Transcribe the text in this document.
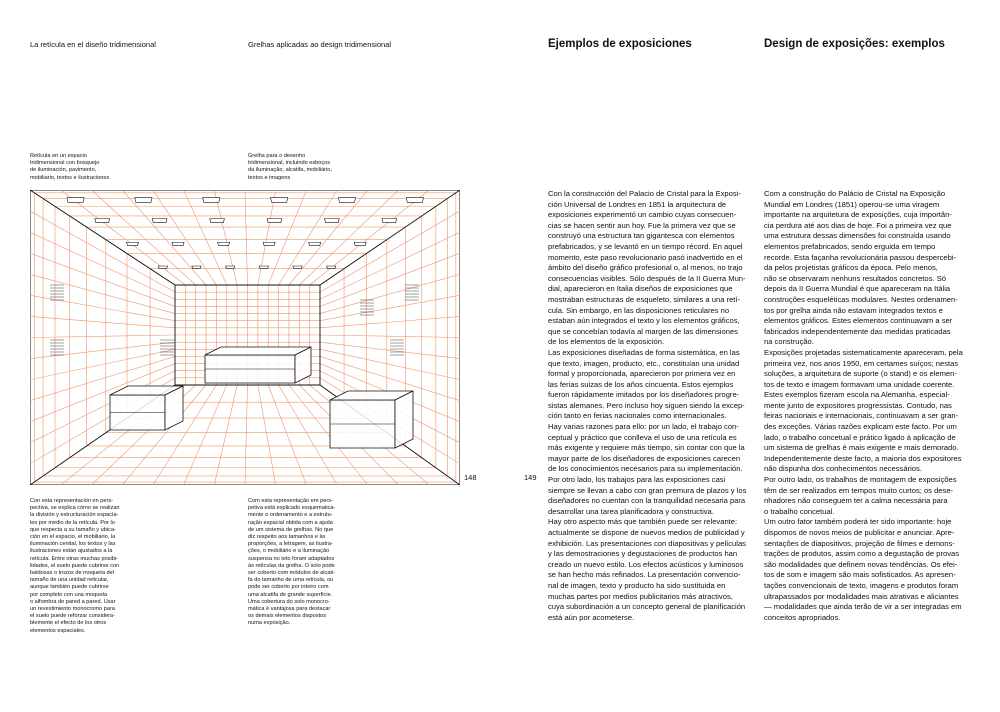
La retícula en el diseño tridimensional	Grelhas aplicadas ao design tridimensional
Retícula en un espacio
tridimensional con bosquejo
de iluminación, pavimento,
mobiliario, textos e ilustraciones
Grelha para o desenho
tridimensional, incluindo esboços
da iluminação, alcatifa, mobiliário,
textos e imagens
148
Con esta representación en pers-
pectiva, se explica cómo se realizan
la división y estructuración espacia-
les por medio de la retícula. Por lo
que respecta a su tamaño y ubica-
ción en el espacio, el mobiliario, la
iluminación cenital, los textos y las
ilustraciones están ajustados a la
retícula. Entre otras muchas posibi-
lidades, el suelo puede cubrirse con
baldosas o trozos de moqueta del
tamaño de una unidad reticular,
aunque también puede cubrirse
por completo con una moqueta
o alfombra de pared a pared. Usar
un revestimiento monocromo para
el suelo puede reforzar considera-
blemente el efecto de los otros
elementos espaciales.
Com esta representação em pers-
petiva está explicado esquematica-
mente o ordenamento e a estrutu-
ração espacial obtida com a ajuda
de um sistema de grelhas. No que
diz respeito aos tamanhos e às
proporções, a letragem, as ilustra-
ções, o mobiliário e a iluminação
suspensa no teto foram adaptados
às retículas da grelha. O solo pode
ser coberto com módulos de alcati-
fa do tamanho de uma retícula, ou
pode ser coberto por inteiro com
uma alcatifa de grande superfície.
Uma cobertura do solo monocro-
mática é vantajosa para destacar
os demais elementos dispostos
numa exposição.
Ejemplos de exposiciones	Design de exposições: exemplos
149
Con la construcción del Palacio de Cristal para la Exposi-
ción Universal de Londres en 1851 la arquitectura de
exposiciones experimentó un cambio cuyas consecuen-
cias se hacen sentir aun hoy. Fue la primera vez que se
construyó una estructura tan gigantesca con elementos
prefabricados, y se levantó en un tiempo récord. En aquel
momento, este paso revolucionario pasó inadvertido en el
ámbito del diseño gráfico profesional o, al menos, no trajo
consecuencias visibles. Sólo después de la II Guerra Mun-
dial, aparecieron en Italia diseños de exposiciones que
mostraban estructuras de esqueleto, similares a una retí-
cula. Sin embargo, en las disposiciones reticulares no
estaban aún integrados el texto y los elementos gráficos,
que se concebían todavía al margen de las dimensiones
de los elementos de la exposición.
Las exposiciones diseñadas de forma sistemática, en las
que texto, imagen, producto, etc., constituían una unidad
formal y proporcionada, aparecieron por primera vez en
las ferias suizas de los años cincuenta. Estos ejemplos
fueron rápidamente imitados por los diseñadores progre-
sistas alemanes. Pero incluso hoy siguen siendo la excep-
ción tanto en ferias nacionales como internacionales.
Hay varias razones para ello: por un lado, el trabajo con-
ceptual y práctico que conlleva el uso de una retícula es
más exigente y requiere más tiempo, sin contar con que la
mayor parte de los diseñadores de exposiciones carecen
de los conocimientos necesarios para su implementación.
Por otro lado, los trabajos para las exposiciones casi
siempre se llevan a cabo con gran premura de plazos y los
diseñadores no cuentan con la tranquilidad necesaria para
desarrollar una tarea planificadora y constructiva.
Hay otro aspecto más que también puede ser relevante:
actualmente se dispone de nuevos medios de publicidad y
exhibición. Las presentaciones con diapositivas y películas
y las demostraciones y degustaciones de productos han
creado un nuevo estilo. Los efectos acústicos y luminosos
se han hecho más refinados. La presentación convencio-
nal de imagen, texto y producto ha sido sustituida en
muchas partes por medios publicitarios más atractivos,
cuya subordinación a un concepto general de planificación
está aún por acometerse.
Com a construção do Palácio de Cristal na Exposição
Mundial em Londres (1851) operou-se uma viragem
importante na arquitetura de exposições, cuja importân-
cia perdura até aos dias de hoje. Foi a primeira vez que
uma estrutura dessas dimensões foi construída usando
elementos prefabricados, sendo erguida em tempo
recorde. Esta façanha revolucionária passou despercebi-
da pelos projetistas gráficos da época. Pelo menos,
não se observaram nenhuns resultados concretos. Só
depois da II Guerra Mundial é que apareceram na Itália
construções esqueléticas modulares. Nestes ordenamen-
tos por grelha ainda não estavam integrados textos e
elementos gráficos. Estes elementos continuavam a ser
fabricados independentemente das medidas praticadas
na construção.
Exposições projetadas sistematicamente apareceram, pela
primeira vez, nos anos 1950, em certames suíços; nestas
soluções, a arquitetura de suporte (o stand) e os elemen-
tos de texto e imagem formavam uma unidade coerente.
Estes exemplos fizeram escola na Alemanha, especial-
mente junto de expositores progressistas. Contudo, nas
feiras nacionais e internacionais, continuavam a ser gran-
des exceções. Várias razões explicam este facto. Por um
lado, o trabalho concetual e prático ligado à aplicação de
um sistema de grelhas é mais exigente e mais demorado.
Independentemente deste facto, a maioria dos expositores
não dispunha dos conhecimentos necessários.
Por outro lado, os trabalhos de montagem de exposições
têm de ser realizados em tempos muito curtos; os dese-
nhadores não conseguem ter a calma necessária para
o trabalho concetual.
Um outro fator também poderá ter sido importante: hoje
dispomos de novos meios de publicitar e anunciar. Apre-
sentações de diapositivos, projeção de filmes e demons-
trações de produtos, assim como a degustação de provas
são modalidades que definem novas tendências. Os efei-
tos de som e imagem são mais sofisticados. As apresen-
tações convencionais de texto, imagens e produtos foram
ultrapassados por modalidades mais atrativas e aliciantes
— modalidades que ainda terão de vir a ser integradas em
conceitos apropriados.
